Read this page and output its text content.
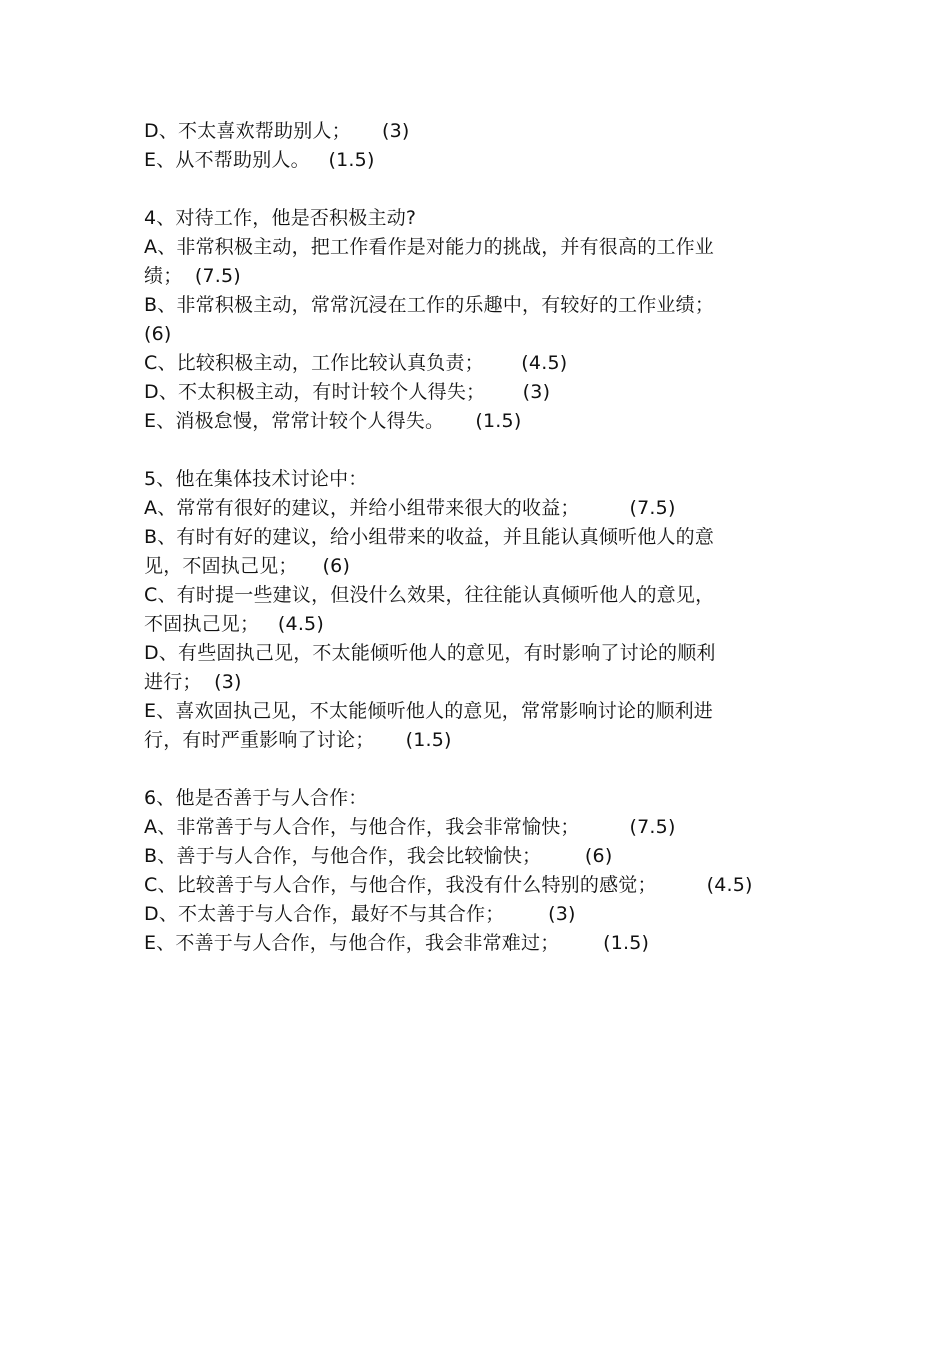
D、不太喜欢帮助别人；     (3)
E、从不帮助别人。   (1.5)
4、对待工作，他是否积极主动?
A、非常积极主动，把工作看作是对能力的挑战，并有很高的工作业
绩；  (7.5)
B、非常积极主动，常常沉浸在工作的乐趣中，有较好的工作业绩；
(6)
C、比较积极主动，工作比较认真负责；      (4.5)
D、不太积极主动，有时计较个人得失；      (3)
E、消极怠慢，常常计较个人得失。     (1.5)
5、他在集体技术讨论中：
A、常常有很好的建议，并给小组带来很大的收益；        (7.5)
B、有时有好的建议，给小组带来的收益，并且能认真倾听他人的意
见，不固执己见；    (6)
C、有时提一些建议，但没什么效果，往往能认真倾听他人的意见，
不固执己见；   (4.5)
D、有些固执己见，不太能倾听他人的意见，有时影响了讨论的顺利
进行；  (3)
E、喜欢固执己见，不太能倾听他人的意见，常常影响讨论的顺利进
行，有时严重影响了讨论；     (1.5)
6、他是否善于与人合作：
A、非常善于与人合作，与他合作，我会非常愉快；        (7.5)
B、善于与人合作，与他合作，我会比较愉快；       (6)
C、比较善于与人合作，与他合作，我没有什么特别的感觉；        (4.5)
D、不太善于与人合作，最好不与其合作；       (3)
E、不善于与人合作，与他合作，我会非常难过；       (1.5)
